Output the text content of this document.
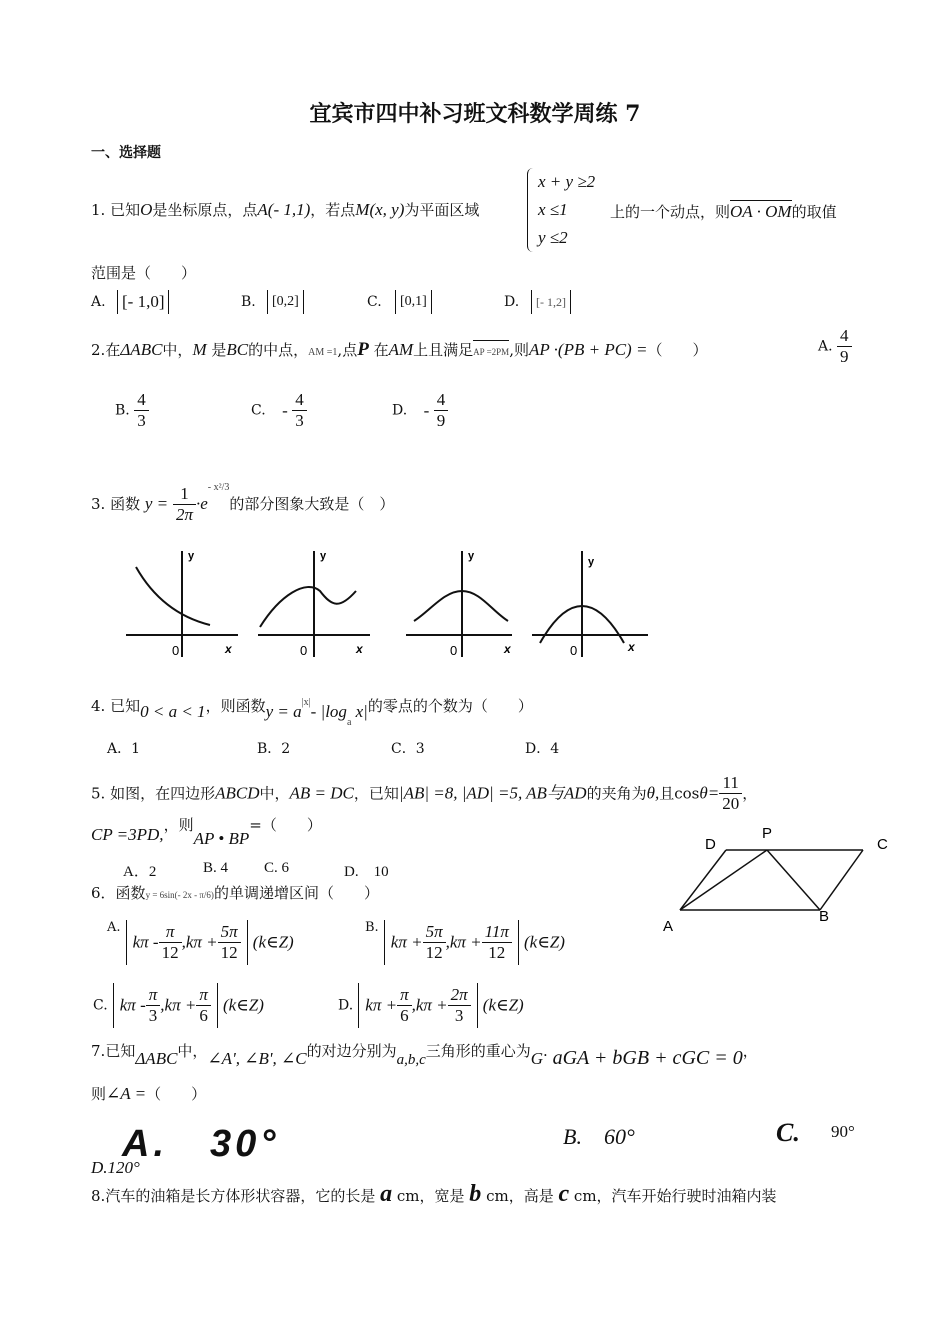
宜宾市四中补习班文科数学周练 7
一、选择题
1. 已知O是坐标原点，点A(- 1,1)，若点M(x, y)为平面区域
x + y ≥2
x ≤1
y ≤2
上的一个动点，则OA · OM的取值
范围是（　　）
A. [- 1,0]	B.	[0,2]	C.	[0,1]	D.	[- 1,2]
2.在ΔABC中，M 是BC的中点，AM =1,点P 在AM上且满足AP =2PM,则AP ·(PB + PC) =（　　）	A. $\frac{4}{9}$
B. $\frac{4}{3}$	C. - $\frac{4}{3}$	D. - $\frac{4}{9}$
3. 函数 $y = \frac{1}{2\pi} \cdot e^{- x^2/3}$的部分图象大致是（　）
y
0	x
y
0	x
y
0	x
y
0	x
4. 已知0 < a < 1，则函数$y = a^{|x|}-$ $|\log_a$ x|的零点的个数为（　　）
A．1	B．2	C．3	D．4
5. 如图，在四边形ABCD中，AB = DC，已知|AB| =8, |AD| =5, AB与AD的夹角为θ,且$\cos\theta= \frac{11}{20}$ ，
CP =3PD,，则AP • BP=（　　）
A．2	B. 4 C. 6	D.　10
D
P
C
A
B
6．函数y = 6sin(- 2x - π/6)的单调递增区间（　　）
$^{A.}$ $k\pi - \frac{\pi}{12} ,k\pi + \frac{5\pi}{12}$ (k∈Z)
$^{B.}$ $k\pi + \frac{5\pi}{12} ,k\pi + \frac{11\pi}{12}$ (k∈Z)
C. $k\pi - \frac{\pi}{3} ,k\pi + \frac{\pi}{6}$ (k∈Z)	D. $k\pi + \frac{\pi}{6} ,k\pi + \frac{2\pi}{3}$ (k∈Z)
7.已知ΔABC中，∠A', ∠B', ∠C的对边分别为a,b,c三角形的重心为G. aGA + bGB + cGC = 0，
则∠A =（　　）
A.　30°	B.　60°	C. 90°
D.120°
8.汽车的油箱是长方体形状容器，它的长是 a cm，宽是 b cm，高是 c cm，汽车开始行驶时油箱内装
